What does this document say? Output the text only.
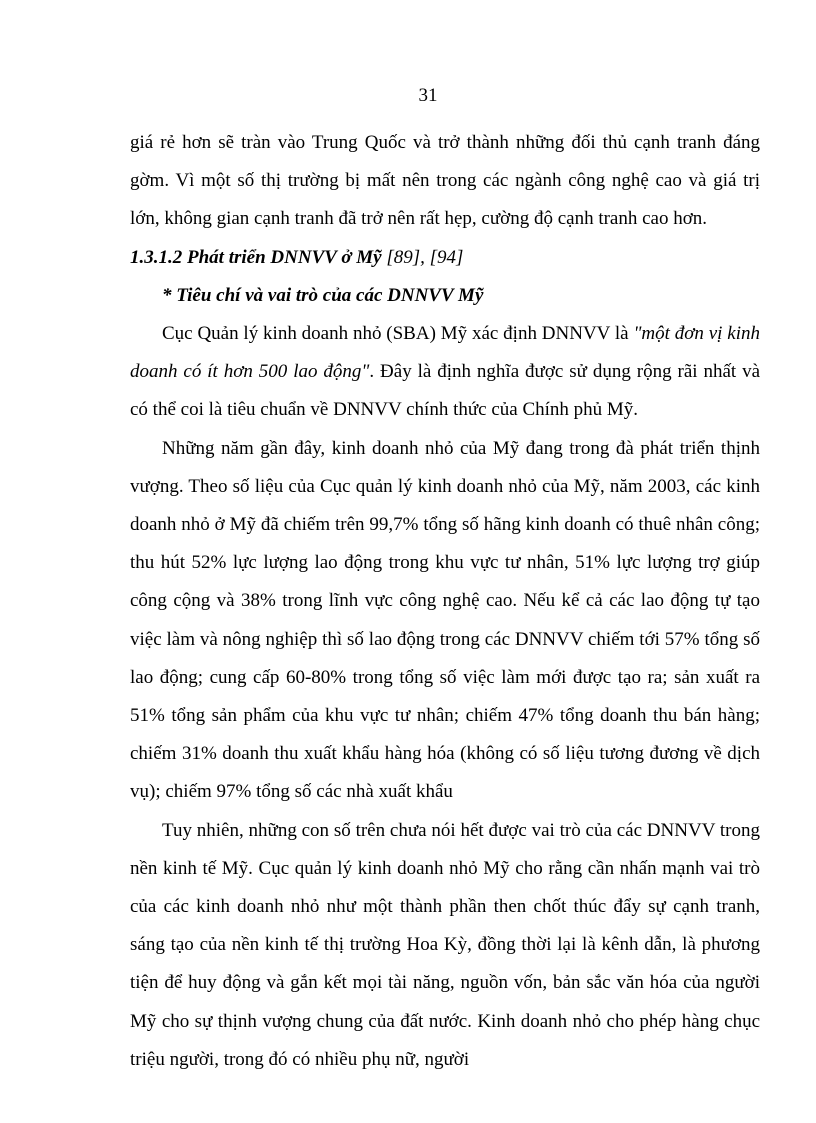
31

giá rẻ hơn sẽ tràn vào Trung Quốc và trở thành những đối thủ cạnh tranh đáng gờm. Vì một số thị trường bị mất nên trong các ngành công nghệ cao và giá trị lớn, không gian cạnh tranh đã trở nên rất hẹp, cường độ cạnh tranh cao hơn.

1.3.1.2 Phát triển DNNVV ở Mỹ [89], [94]

* Tiêu chí và vai trò của các DNNVV Mỹ

Cục Quản lý kinh doanh nhỏ (SBA) Mỹ xác định DNNVV là "một đơn vị kinh doanh có ít hơn 500 lao động". Đây là định nghĩa được sử dụng rộng rãi nhất và có thể coi là tiêu chuẩn về DNNVV chính thức của Chính phủ Mỹ.

Những năm gần đây, kinh doanh nhỏ của Mỹ đang trong đà phát triển thịnh vượng. Theo số liệu của Cục quản lý kinh doanh nhỏ của Mỹ, năm 2003, các kinh doanh nhỏ ở Mỹ đã chiếm trên 99,7% tổng số hãng kinh doanh có thuê nhân công; thu hút 52% lực lượng lao động trong khu vực tư nhân, 51% lực lượng trợ giúp công cộng và 38% trong lĩnh vực công nghệ cao. Nếu kể cả các lao động tự tạo việc làm và nông nghiệp thì số lao động trong các DNNVV chiếm tới 57% tổng số lao động; cung cấp 60-80% trong tổng số việc làm mới được tạo ra; sản xuất ra 51% tổng sản phẩm của khu vực tư nhân; chiếm 47% tổng doanh thu bán hàng; chiếm 31% doanh thu xuất khẩu hàng hóa (không có số liệu tương đương về dịch vụ); chiếm 97% tổng số các nhà xuất khẩu

Tuy nhiên, những con số trên chưa nói hết được vai trò của các DNNVV trong nền kinh tế Mỹ. Cục quản lý kinh doanh nhỏ Mỹ cho rằng cần nhấn mạnh vai trò của các kinh doanh nhỏ như một thành phần then chốt thúc đẩy sự cạnh tranh, sáng tạo của nền kinh tế thị trường Hoa Kỳ, đồng thời lại là kênh dẫn, là phương tiện để huy động và gắn kết mọi tài năng, nguồn vốn, bản sắc văn hóa của người Mỹ cho sự thịnh vượng chung của đất nước. Kinh doanh nhỏ cho phép hàng chục triệu người, trong đó có nhiều phụ nữ, người
